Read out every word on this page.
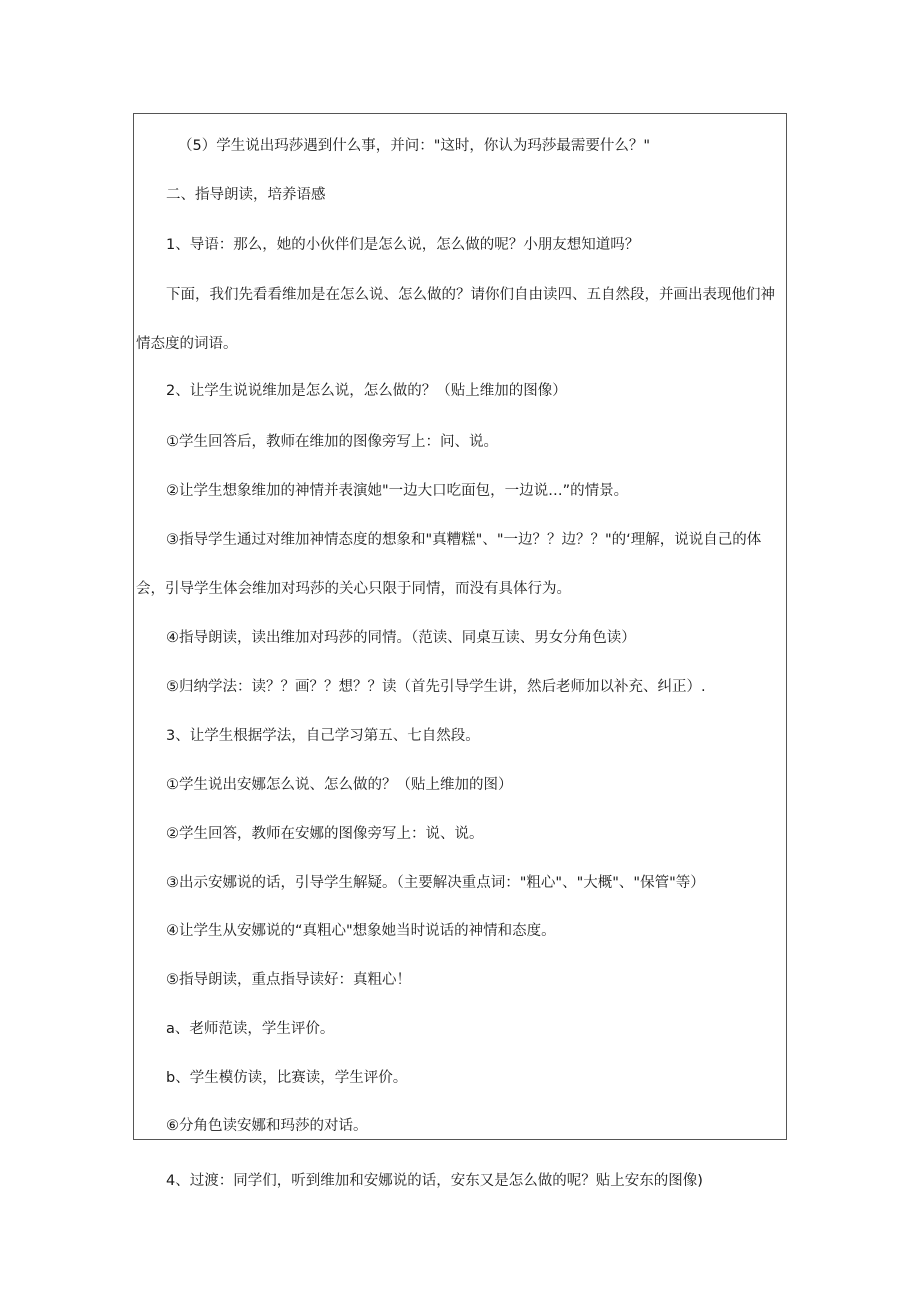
（5）学生说出玛莎遇到什么事，并问："这时，你认为玛莎最需要什么？"
二、指导朗读，培养语感
1、导语：那么，她的小伙伴们是怎么说，怎么做的呢？小朋友想知道吗？
下面，我们先看看维加是在怎么说、怎么做的？请你们自由读四、五自然段，并画出表现他们神
情态度的词语。
2、让学生说说维加是怎么说，怎么做的？（贴上维加的图像）
①学生回答后，教师在维加的图像旁写上：问、说。
②让学生想象维加的神情并表演她"一边大口吃面包，一边说…”的情景。
③指导学生通过对维加神情态度的想象和"真糟糕"、"一边？？边？？"的‘理解，说说自己的体
会，引导学生体会维加对玛莎的关心只限于同情，而没有具体行为。
④指导朗读，读出维加对玛莎的同情。（范读、同桌互读、男女分角色读）
⑤归纳学法：读？？画？？想？？读（首先引导学生讲，然后老师加以补充、纠正）.
3、让学生根据学法，自己学习第五、七自然段。
①学生说出安娜怎么说、怎么做的？（贴上维加的图）
②学生回答，教师在安娜的图像旁写上：说、说。
③出示安娜说的话，引导学生解疑。（主要解决重点词："粗心"、"大概"、"保管"等）
④让学生从安娜说的“真粗心"想象她当时说话的神情和态度。
⑤指导朗读，重点指导读好：真粗心！
a、老师范读，学生评价。
b、学生模仿读，比赛读，学生评价。
⑥分角色读安娜和玛莎的对话。
4、过渡：同学们，听到维加和安娜说的话，安东又是怎么做的呢？贴上安东的图像)
